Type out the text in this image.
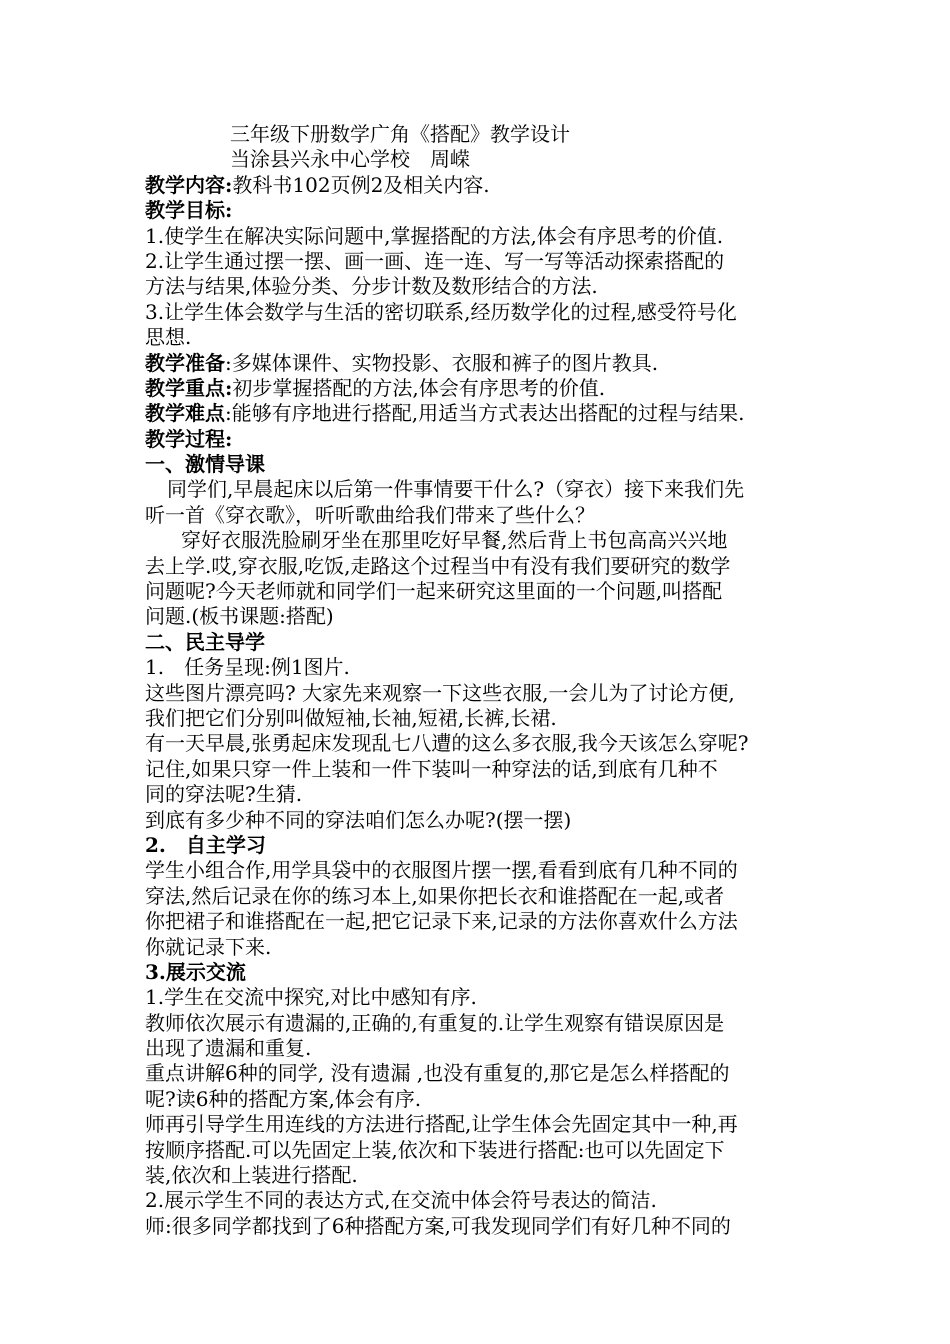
三年级下册数学广角《搭配》教学设计
当涂县兴永中心学校　周嵘
教学内容:教科书102页例2及相关内容.
教学目标:
1.使学生在解决实际问题中,掌握搭配的方法,体会有序思考的价值.
2.让学生通过摆一摆、画一画、连一连、写一写等活动探索搭配的
方法与结果,体验分类、分步计数及数形结合的方法.
3.让学生体会数学与生活的密切联系,经历数学化的过程,感受符号化
思想.
教学准备:多媒体课件、实物投影、衣服和裤子的图片教具.
教学重点:初步掌握搭配的方法,体会有序思考的价值.
教学难点:能够有序地进行搭配,用适当方式表达出搭配的过程与结果.
教学过程:
一、激情导课
同学们,早晨起床以后第一件事情要干什么?（穿衣）接下来我们先
听一首《穿衣歌》，听听歌曲给我们带来了些什么？
穿好衣服洗脸刷牙坐在那里吃好早餐,然后背上书包高高兴兴地
去上学.哎,穿衣服,吃饭,走路这个过程当中有没有我们要研究的数学
问题呢?今天老师就和同学们一起来研究这里面的一个问题,叫搭配
问题.(板书课题:搭配)
二、民主导学
1.　任务呈现:例1图片.
这些图片漂亮吗? 大家先来观察一下这些衣服,一会儿为了讨论方便,
我们把它们分别叫做短袖,长袖,短裙,长裤,长裙.
有一天早晨,张勇起床发现乱七八遭的这么多衣服,我今天该怎么穿呢?
记住,如果只穿一件上装和一件下装叫一种穿法的话,到底有几种不
同的穿法呢?生猜.
到底有多少种不同的穿法咱们怎么办呢?(摆一摆)
2.　自主学习
学生小组合作,用学具袋中的衣服图片摆一摆,看看到底有几种不同的
穿法,然后记录在你的练习本上,如果你把长衣和谁搭配在一起,或者
你把裙子和谁搭配在一起,把它记录下来,记录的方法你喜欢什么方法
你就记录下来.
3.展示交流
1.学生在交流中探究,对比中感知有序.
教师依次展示有遗漏的,正确的,有重复的.让学生观察有错误原因是
出现了遗漏和重复.
重点讲解6种的同学, 没有遗漏 ,也没有重复的,那它是怎么样搭配的
呢?读6种的搭配方案,体会有序.
师再引导学生用连线的方法进行搭配,让学生体会先固定其中一种,再
按顺序搭配.可以先固定上装,依次和下装进行搭配:也可以先固定下
装,依次和上装进行搭配.
2.展示学生不同的表达方式,在交流中体会符号表达的简洁.
师:很多同学都找到了6种搭配方案,可我发现同学们有好几种不同的
